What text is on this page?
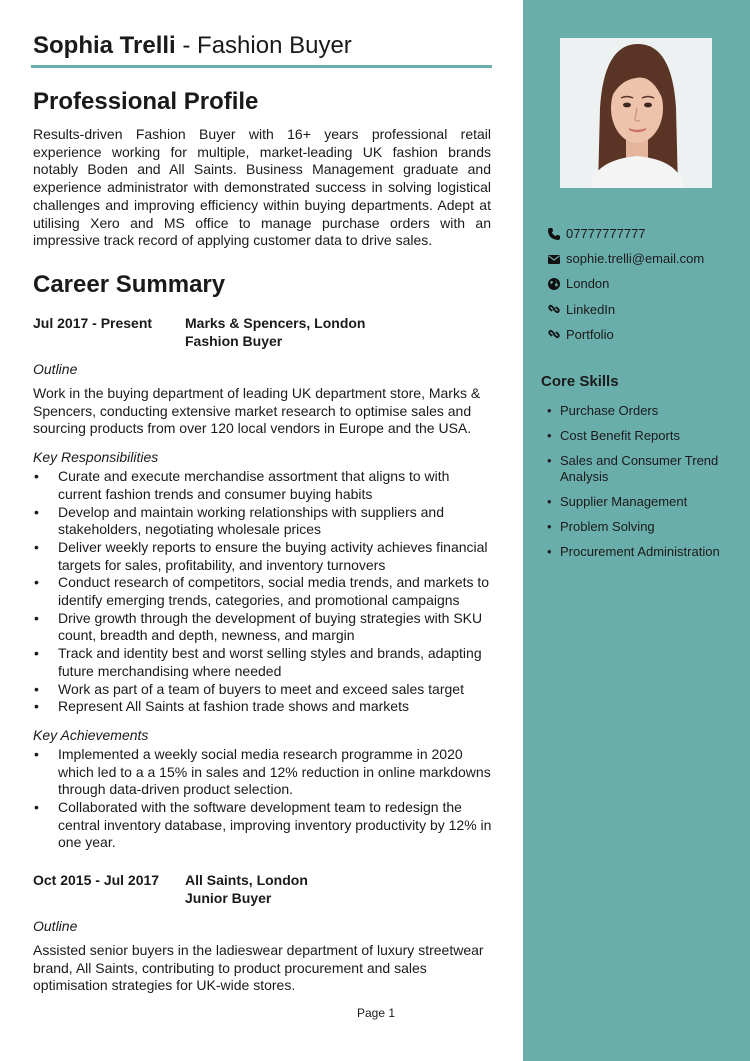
Sophia Trelli - Fashion Buyer

Professional Profile

Results-driven Fashion Buyer with 16+ years professional retail experience working for multiple, market-leading UK fashion brands notably Boden and All Saints. Business Management graduate and experience administrator with demonstrated success in solving logistical challenges and improving efficiency within buying departments. Adept at utilising Xero and MS office to manage purchase orders with an impressive track record of applying customer data to drive sales.

Career Summary
Jul 2017 - Present	Marks & Spencers, London
Fashion Buyer
Outline
Work in the buying department of leading UK department store, Marks & Spencers, conducting extensive market research to optimise sales and sourcing products from over 120 local vendors in Europe and the USA.
Key Responsibilities
• Curate and execute merchandise assortment that aligns to with current fashion trends and consumer buying habits
• Develop and maintain working relationships with suppliers and stakeholders, negotiating wholesale prices
• Deliver weekly reports to ensure the buying activity achieves financial targets for sales, profitability, and inventory turnovers
• Conduct research of competitors, social media trends, and markets to identify emerging trends, categories, and promotional campaigns
• Drive growth through the development of buying strategies with SKU count, breadth and depth, newness, and margin
• Track and identity best and worst selling styles and brands, adapting future merchandising where needed
• Work as part of a team of buyers to meet and exceed sales target
• Represent All Saints at fashion trade shows and markets
Key Achievements
• Implemented a weekly social media research programme in 2020 which led to a a 15% in sales and 12% reduction in online markdowns through data-driven product selection.
• Collaborated with the software development team to redesign the central inventory database, improving inventory productivity by 12% in one year.
Oct 2015 - Jul 2017	All Saints, London
Junior Buyer
Outline
Assisted senior buyers in the ladieswear department of luxury streetwear brand, All Saints, contributing to product procurement and sales optimisation strategies for UK-wide stores.
Page 1
07777777777
sophie.trelli@email.com
London
LinkedIn
Portfolio
Core Skills
• Purchase Orders
• Cost Benefit Reports
• Sales and Consumer Trend Analysis
• Supplier Management
• Problem Solving
• Procurement Administration
